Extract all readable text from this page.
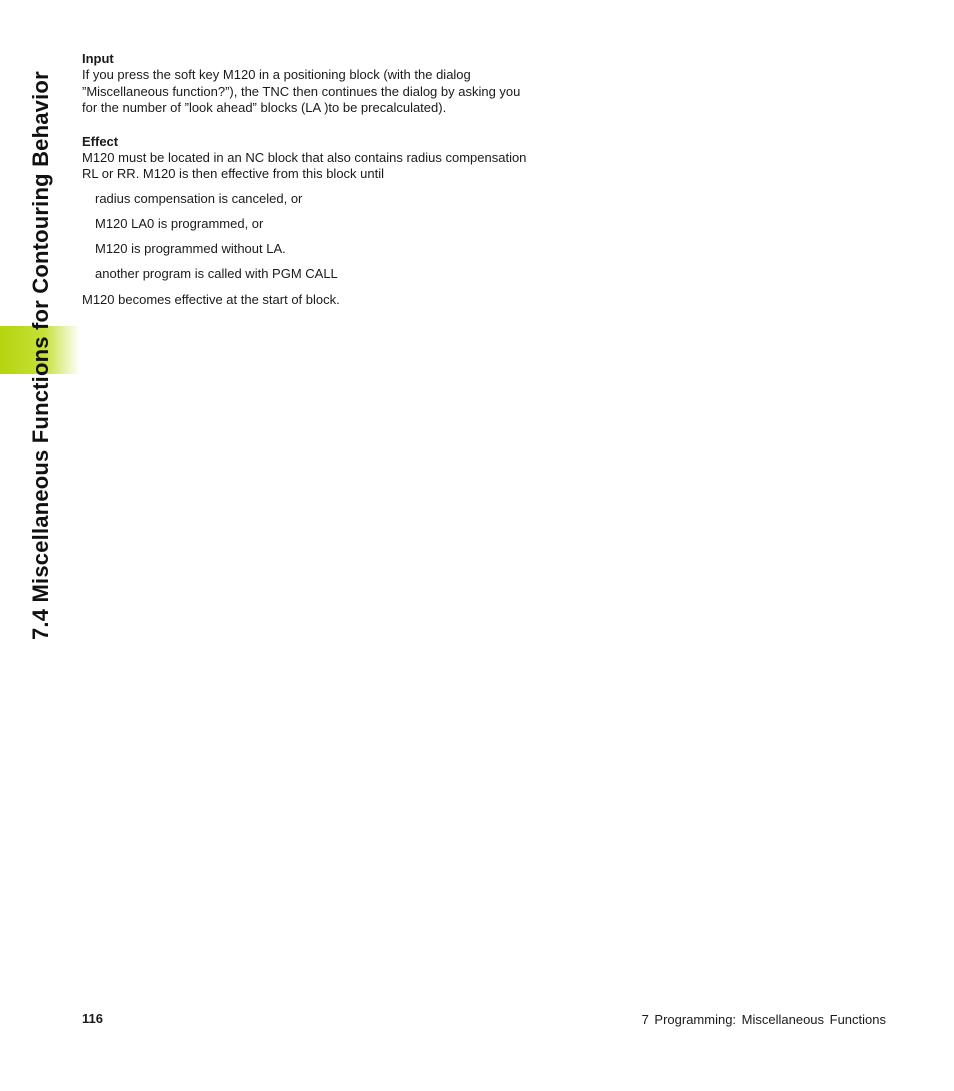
7.4 Miscellaneous Functions for Contouring Behavior
Input

If you press the soft key M120 in a positioning block (with the dialog ”Miscellaneous function?”), the TNC then continues the dialog by asking you for the number of ”look ahead” blocks (LA )to be precalculated).

Effect

M120 must be located in an NC block that also contains radius compensation RL or RR. M120 is then effective from this block until

radius compensation is canceled, or
M120 LA0 is programmed, or
M120 is programmed without LA.
another program is called with PGM CALL

M120 becomes effective at the start of block.

116	7 Programming: Miscellaneous Functions
